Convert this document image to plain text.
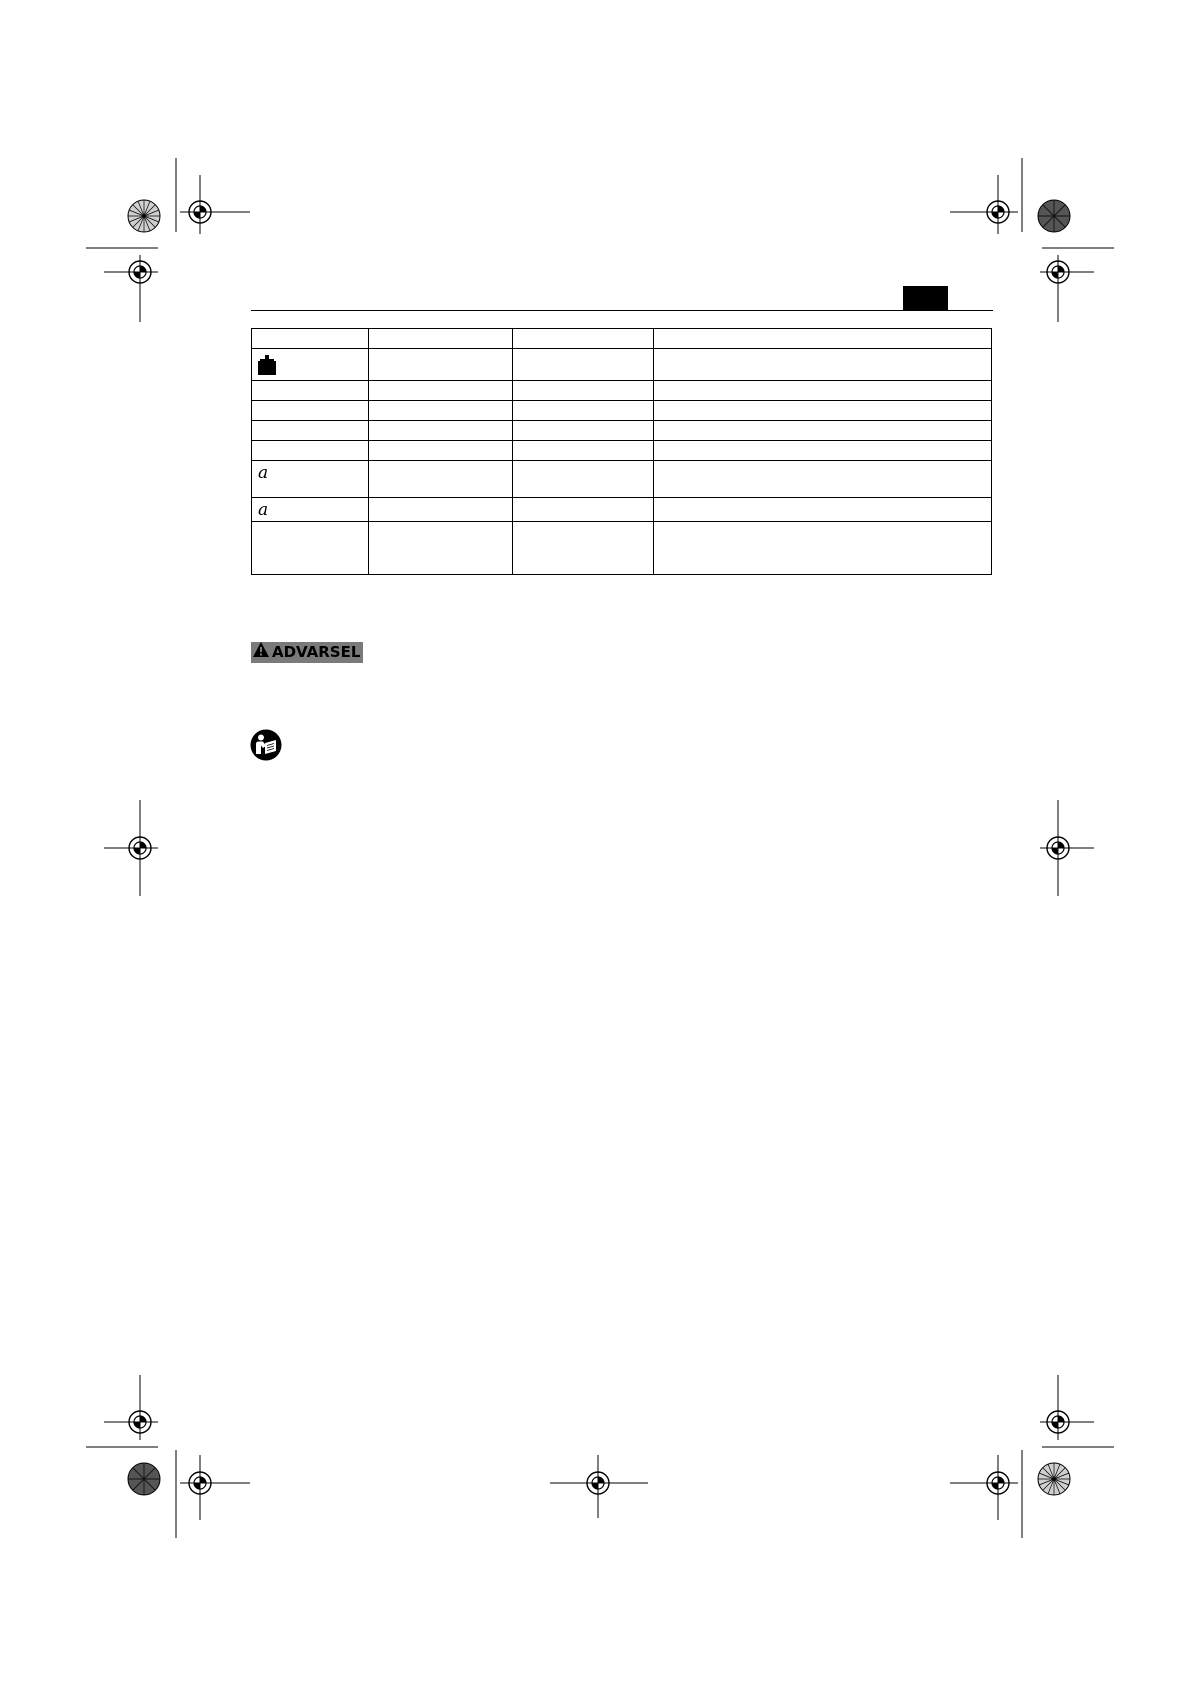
a			
a			

ADVARSEL
